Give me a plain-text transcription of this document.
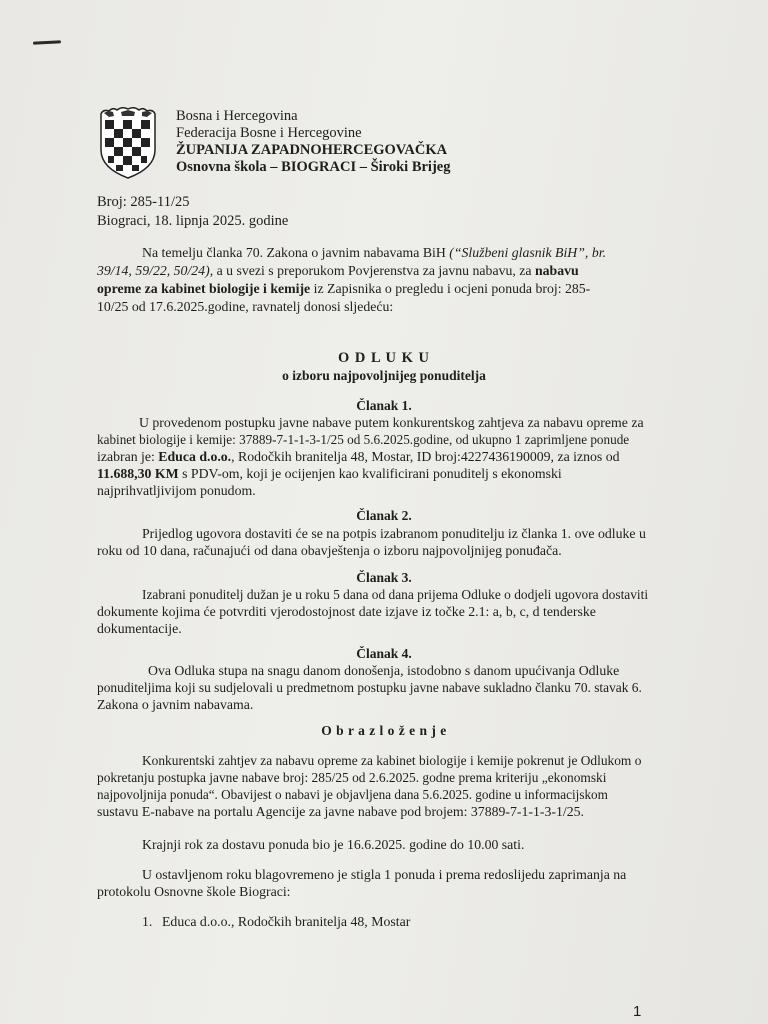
Bosna i Hercegovina
Federacija Bosne i Hercegovine
ŽUPANIJA ZAPADNOHERCEGOVAČKA
Osnovna škola – BIOGRACI – Široki Brijeg
Broj: 285-11/25
Biograci, 18. lipnja 2025. godine
Na temelju članka 70. Zakona o javnim nabavama BiH (“Službeni glasnik BiH”, br.
39/14, 59/22, 50/24), a u svezi s preporukom Povjerenstva za javnu nabavu, za nabavu
opreme za kabinet biologije i kemije iz Zapisnika o pregledu i ocjeni ponuda broj: 285-
10/25 od 17.6.2025.godine, ravnatelj donosi sljedeću:
O D L U K U
o izboru najpovoljnijeg ponuditelja
Članak 1.
U provedenom postupku javne nabave putem konkurentskog zahtjeva za nabavu opreme za
kabinet biologije i kemije: 37889-7-1-1-3-1/25 od 5.6.2025.godine, od ukupno 1 zaprimljene ponude
izabran je: Educa d.o.o., Rodočkih branitelja 48, Mostar, ID broj:4227436190009, za iznos od
11.688,30 KM s PDV-om, koji je ocijenjen kao kvalificirani ponuditelj s ekonomski
najprihvatljivijom ponudom.
Članak 2.
Prijedlog ugovora dostaviti će se na potpis izabranom ponuditelju iz članka 1. ove odluke u
roku od 10 dana, računajući od dana obavještenja o izboru najpovoljnijeg ponuđača.
Članak 3.
Izabrani ponuditelj dužan je u roku 5 dana od dana prijema Odluke o dodjeli ugovora dostaviti
dokumente kojima će potvrditi vjerodostojnost date izjave iz točke 2.1: a, b, c, d tenderske
dokumentacije.
Članak 4.
Ova Odluka stupa na snagu danom donošenja, istodobno s danom upućivanja Odluke
ponuditeljima koji su sudjelovali u predmetnom postupku javne nabave sukladno članku 70. stavak 6.
Zakona o javnim nabavama.
O b r a z l o ž e n j e
Konkurentski zahtjev za nabavu opreme za kabinet biologije i kemije pokrenut je Odlukom o
pokretanju postupka javne nabave broj: 285/25 od 2.6.2025. godne prema kriteriju „ekonomski
najpovoljnija ponuda“. Obavijest o nabavi je objavljena dana 5.6.2025. godine u informacijskom
sustavu E-nabave na portalu Agencije za javne nabave pod brojem: 37889-7-1-1-3-1/25.
Krajnji rok za dostavu ponuda bio je 16.6.2025. godine do 10.00 sati.
U ostavljenom roku blagovremeno je stigla 1 ponuda i prema redoslijedu zaprimanja na
protokolu Osnovne škole Biograci:
1. Educa d.o.o., Rodočkih branitelja 48, Mostar
1
